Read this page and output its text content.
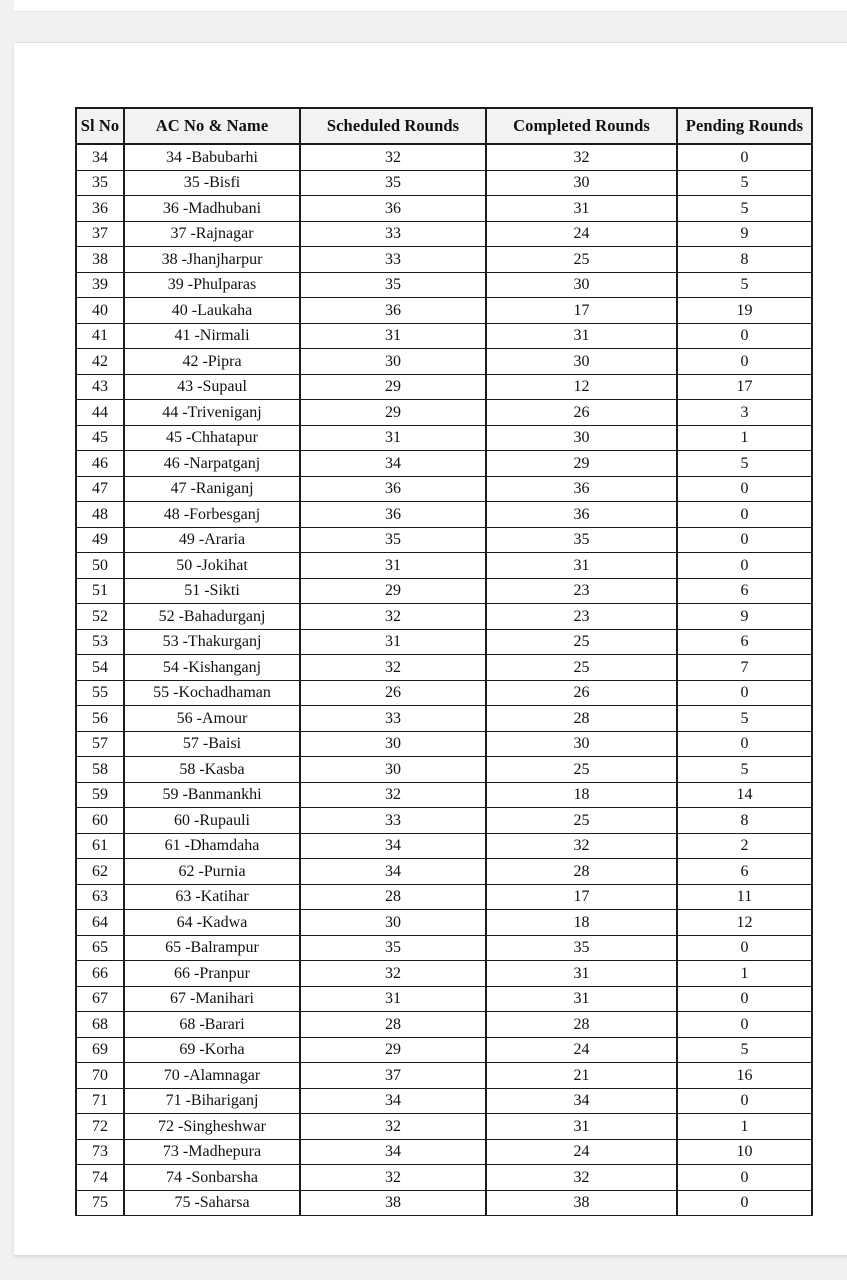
Sl No	AC No & Name	Scheduled Rounds	Completed Rounds	Pending Rounds
34	34 -Babubarhi	32	32	0
35	35 -Bisfi	35	30	5
36	36 -Madhubani	36	31	5
37	37 -Rajnagar	33	24	9
38	38 -Jhanjharpur	33	25	8
39	39 -Phulparas	35	30	5
40	40 -Laukaha	36	17	19
41	41 -Nirmali	31	31	0
42	42 -Pipra	30	30	0
43	43 -Supaul	29	12	17
44	44 -Triveniganj	29	26	3
45	45 -Chhatapur	31	30	1
46	46 -Narpatganj	34	29	5
47	47 -Raniganj	36	36	0
48	48 -Forbesganj	36	36	0
49	49 -Araria	35	35	0
50	50 -Jokihat	31	31	0
51	51 -Sikti	29	23	6
52	52 -Bahadurganj	32	23	9
53	53 -Thakurganj	31	25	6
54	54 -Kishanganj	32	25	7
55	55 -Kochadhaman	26	26	0
56	56 -Amour	33	28	5
57	57 -Baisi	30	30	0
58	58 -Kasba	30	25	5
59	59 -Banmankhi	32	18	14
60	60 -Rupauli	33	25	8
61	61 -Dhamdaha	34	32	2
62	62 -Purnia	34	28	6
63	63 -Katihar	28	17	11
64	64 -Kadwa	30	18	12
65	65 -Balrampur	35	35	0
66	66 -Pranpur	32	31	1
67	67 -Manihari	31	31	0
68	68 -Barari	28	28	0
69	69 -Korha	29	24	5
70	70 -Alamnagar	37	21	16
71	71 -Bihariganj	34	34	0
72	72 -Singheshwar	32	31	1
73	73 -Madhepura	34	24	10
74	74 -Sonbarsha	32	32	0
75	75 -Saharsa	38	38	0
